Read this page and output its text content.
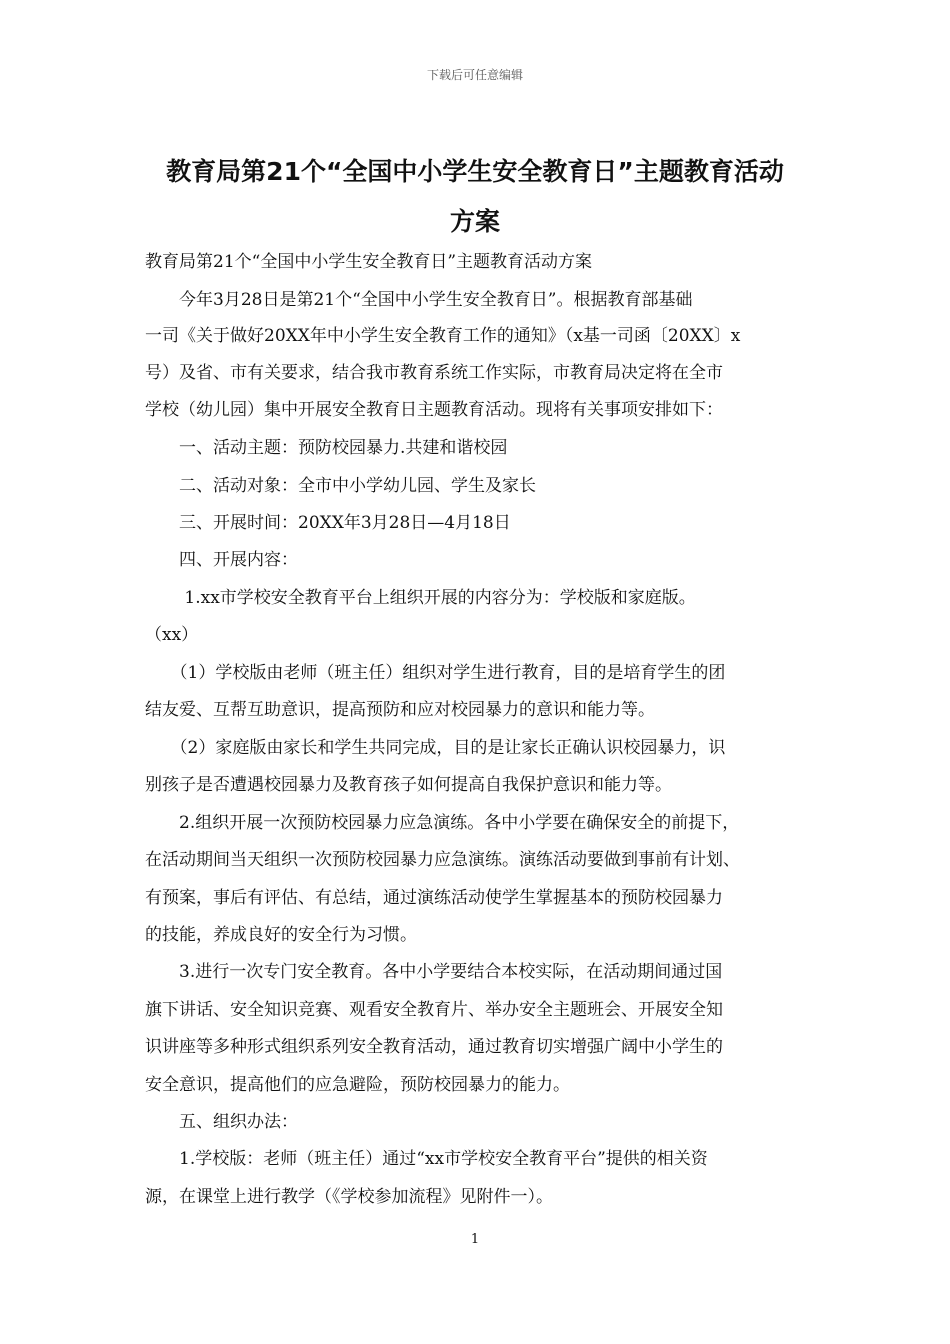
下载后可任意编辑
教育局第21个“全国中小学生安全教育日”主题教育活动
方案
教育局第21个“全国中小学生安全教育日”主题教育活动方案
　　今年3月28日是第21个“全国中小学生安全教育日”。根据教育部基础
一司《关于做好20XX年中小学生安全教育工作的通知》（x基一司函〔20XX〕x
号）及省、市有关要求，结合我市教育系统工作实际，市教育局决定将在全市
学校（幼儿园）集中开展安全教育日主题教育活动。现将有关事项安排如下：
　　一、活动主题：预防校园暴力.共建和谐校园
　　二、活动对象：全市中小学幼儿园、学生及家长
　　三、开展时间：20XX年3月28日—4月18日
　　四、开展内容：
　　 1.xx市学校安全教育平台上组织开展的内容分为：学校版和家庭版。
（xx）
　　（1）学校版由老师（班主任）组织对学生进行教育，目的是培育学生的团
结友爱、互帮互助意识，提高预防和应对校园暴力的意识和能力等。
　　（2）家庭版由家长和学生共同完成，目的是让家长正确认识校园暴力，识
别孩子是否遭遇校园暴力及教育孩子如何提高自我保护意识和能力等。
　　2.组织开展一次预防校园暴力应急演练。各中小学要在确保安全的前提下，
在活动期间当天组织一次预防校园暴力应急演练。演练活动要做到事前有计划、
有预案，事后有评估、有总结，通过演练活动使学生掌握基本的预防校园暴力
的技能，养成良好的安全行为习惯。
　　3.进行一次专门安全教育。各中小学要结合本校实际，在活动期间通过国
旗下讲话、安全知识竞赛、观看安全教育片、举办安全主题班会、开展安全知
识讲座等多种形式组织系列安全教育活动，通过教育切实增强广阔中小学生的
安全意识，提高他们的应急避险，预防校园暴力的能力。
　　五、组织办法：
　　1.学校版：老师（班主任）通过“xx市学校安全教育平台”提供的相关资
源，在课堂上进行教学（《学校参加流程》见附件一）。
1
